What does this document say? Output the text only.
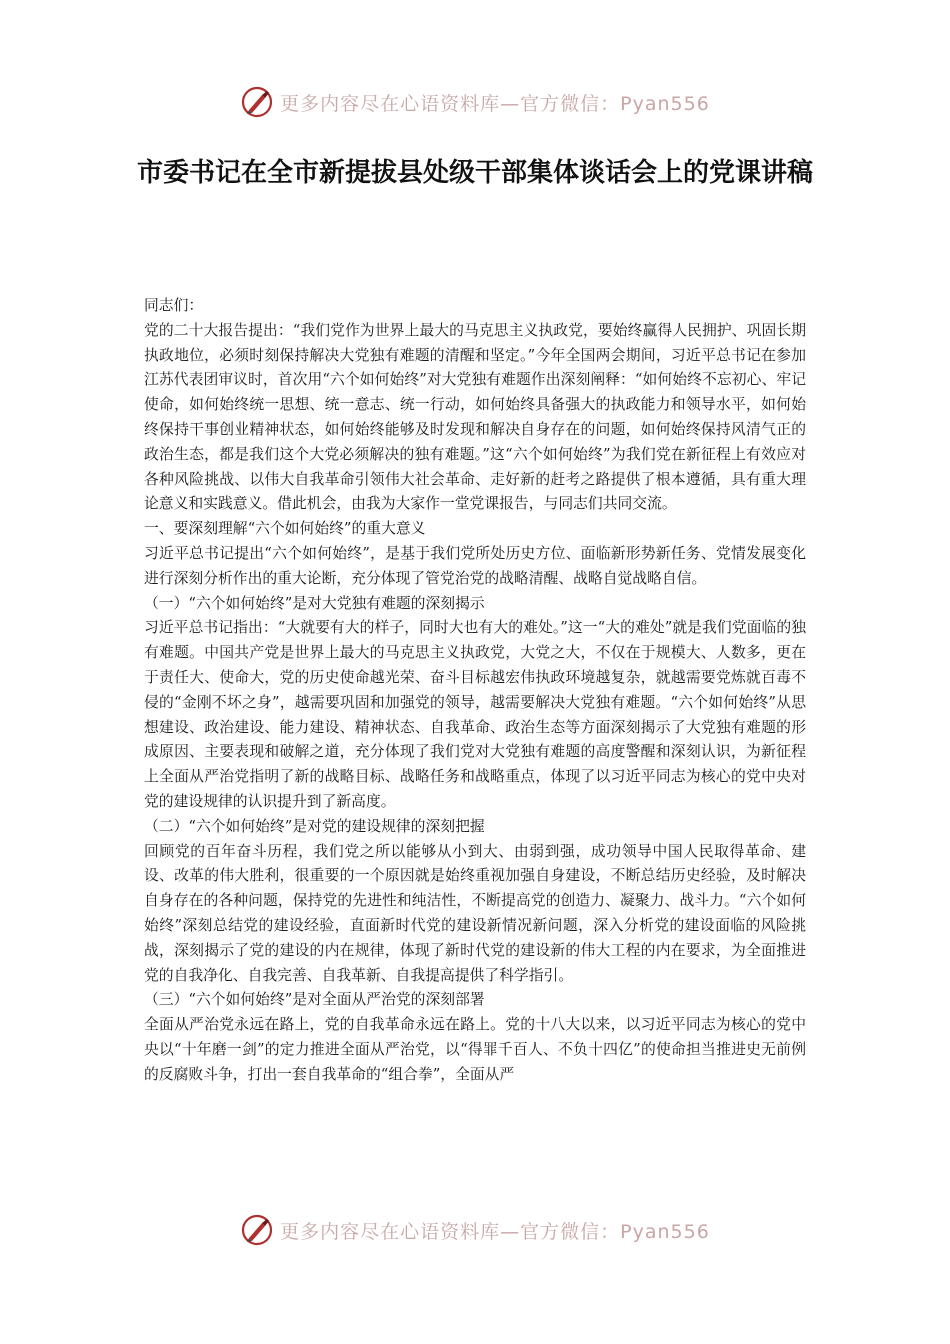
更多内容尽在心语资料库—官方微信：Pyan556
市委书记在全市新提拔县处级干部集体谈话会上的党课讲稿

同志们：

党的二十大报告提出：“我们党作为世界上最大的马克思主义执政党，要始终赢得人民拥护、巩固长期执政地位，必须时刻保持解决大党独有难题的清醒和坚定。”今年全国两会期间，习近平总书记在参加江苏代表团审议时，首次用“六个如何始终”对大党独有难题作出深刻阐释：“如何始终不忘初心、牢记使命，如何始终统一思想、统一意志、统一行动，如何始终具备强大的执政能力和领导水平，如何始终保持干事创业精神状态，如何始终能够及时发现和解决自身存在的问题，如何始终保持风清气正的政治生态，都是我们这个大党必须解决的独有难题。”这“六个如何始终”为我们党在新征程上有效应对各种风险挑战、以伟大自我革命引领伟大社会革命、走好新的赶考之路提供了根本遵循，具有重大理论意义和实践意义。借此机会，由我为大家作一堂党课报告，与同志们共同交流。

一、要深刻理解“六个如何始终”的重大意义

习近平总书记提出“六个如何始终”，是基于我们党所处历史方位、面临新形势新任务、党情发展变化进行深刻分析作出的重大论断，充分体现了管党治党的战略清醒、战略自觉战略自信。

（一）“六个如何始终”是对大党独有难题的深刻揭示

习近平总书记指出：“大就要有大的样子，同时大也有大的难处。”这一“大的难处”就是我们党面临的独有难题。中国共产党是世界上最大的马克思主义执政党，大党之大，不仅在于规模大、人数多，更在于责任大、使命大，党的历史使命越光荣、奋斗目标越宏伟执政环境越复杂，就越需要党炼就百毒不侵的“金刚不坏之身”，越需要巩固和加强党的领导，越需要解决大党独有难题。“六个如何始终”从思想建设、政治建设、能力建设、精神状态、自我革命、政治生态等方面深刻揭示了大党独有难题的形成原因、主要表现和破解之道，充分体现了我们党对大党独有难题的高度警醒和深刻认识，为新征程上全面从严治党指明了新的战略目标、战略任务和战略重点，体现了以习近平同志为核心的党中央对党的建设规律的认识提升到了新高度。

（二）“六个如何始终”是对党的建设规律的深刻把握

回顾党的百年奋斗历程，我们党之所以能够从小到大、由弱到强，成功领导中国人民取得革命、建设、改革的伟大胜利，很重要的一个原因就是始终重视加强自身建设，不断总结历史经验，及时解决自身存在的各种问题，保持党的先进性和纯洁性，不断提高党的创造力、凝聚力、战斗力。“六个如何始终”深刻总结党的建设经验，直面新时代党的建设新情况新问题，深入分析党的建设面临的风险挑战，深刻揭示了党的建设的内在规律，体现了新时代党的建设新的伟大工程的内在要求，为全面推进党的自我净化、自我完善、自我革新、自我提高提供了科学指引。

（三）“六个如何始终”是对全面从严治党的深刻部署

全面从严治党永远在路上，党的自我革命永远在路上。党的十八大以来，以习近平同志为核心的党中央以“十年磨一剑”的定力推进全面从严治党，以“得罪千百人、不负十四亿”的使命担当推进史无前例的反腐败斗争，打出一套自我革命的“组合拳”，全面从严

更多内容尽在心语资料库—官方微信：Pyan556
